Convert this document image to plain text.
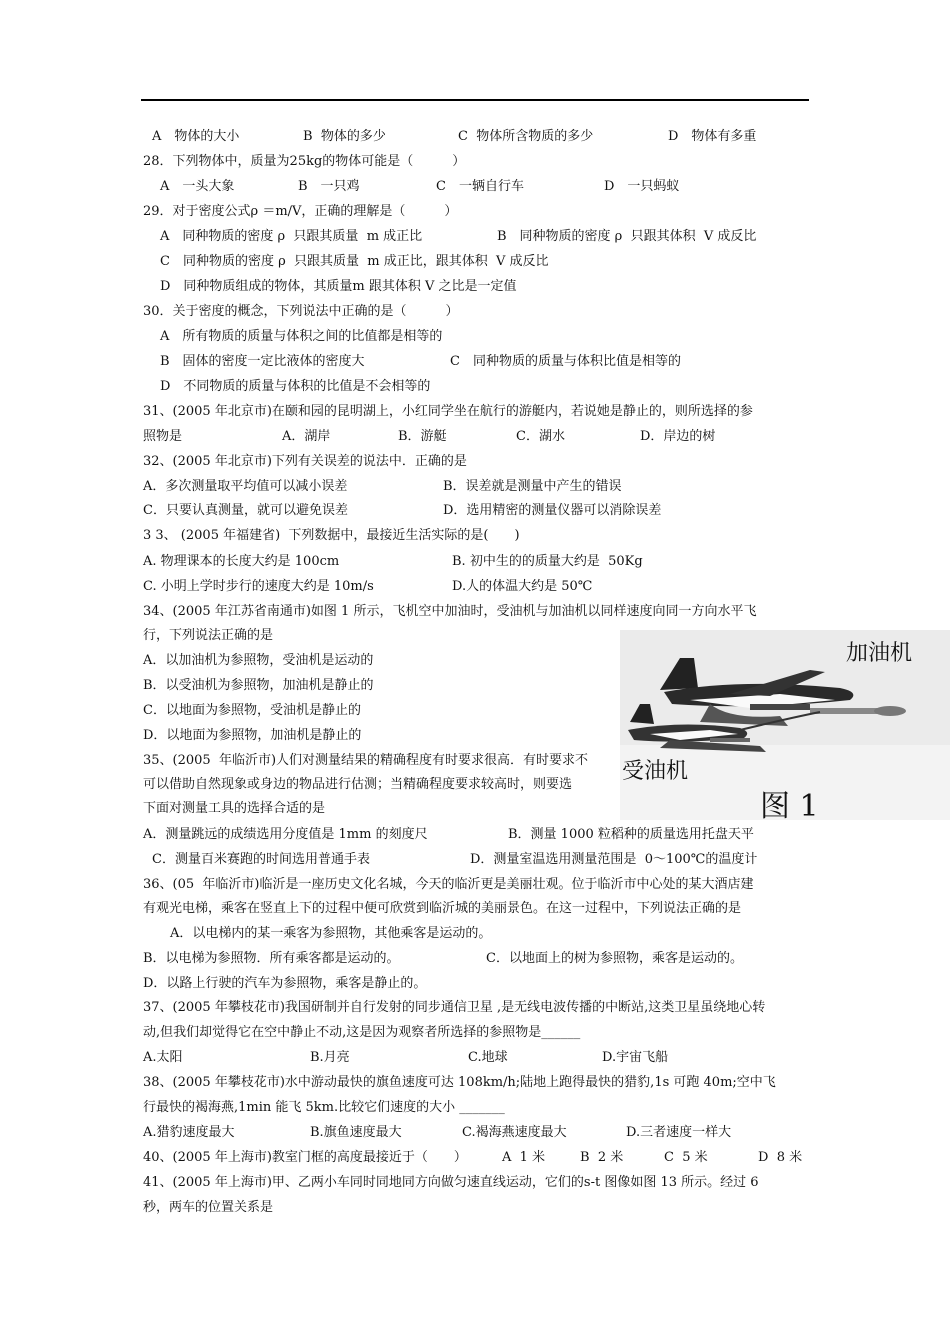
A　物体的大小	B  物体的多少	C  物体所含物质的多少	D　物体有多重
28．下列物体中，质量为25kg的物体可能是（　　　）
A　一头大象	B　一只鸡	C　一辆自行车	D　一只蚂蚁
29．对于密度公式ρ ＝m/V，正确的理解是（　　　）
A　同种物质的密度 ρ  只跟其质量  m 成正比	B　同种物质的密度 ρ  只跟其体积  V 成反比
C　同种物质的密度 ρ  只跟其质量  m 成正比，跟其体积  V 成反比
D　同种物质组成的物体，其质量m 跟其体积 V 之比是一定值
30．关于密度的概念，下列说法中正确的是（　　　）
A　所有物质的质量与体积之间的比值都是相等的
B　固体的密度一定比液体的密度大	C　同种物质的质量与体积比值是相等的
D　不同物质的质量与体积的比值是不会相等的
31、(2005 年北京市)在颐和园的昆明湖上，小红同学坐在航行的游艇内，若说她是静止的，则所选择的参
照物是	A．湖岸	B．游艇	C．湖水	D．岸边的树
32、(2005 年北京市)下列有关误差的说法中．正确的是
A．多次测量取平均值可以减小误差	B．误差就是测量中产生的错误
C．只要认真测量，就可以避免误差	D．选用精密的测量仪器可以消除误差
3 3、 (2005 年福建省)  下列数据中，最接近生活实际的是(　　)
A. 物理课本的长度大约是 100cm	B. 初中生的的质量大约是  50Kg
C. 小明上学时步行的速度大约是 10m/s	D.人的体温大约是 50℃
34、(2005 年江苏省南通市)如图 1 所示，飞机空中加油时，受油机与加油机以同样速度向同一方向水平飞
行，下列说法正确的是
A．以加油机为参照物，受油机是运动的
B．以受油机为参照物，加油机是静止的
C．以地面为参照物，受油机是静止的
D．以地面为参照物，加油机是静止的
加油机
受油机
图 1
35、(2005  年临沂市)人们对测量结果的精确程度有时要求很高．有时要求不
可以借助自然现象或身边的物品进行估测；当精确程度要求较高时，则要选
下面对测量工具的选择合适的是
A．测量跳远的成绩选用分度值是 1mm 的刻度尺	B．测量 1000 粒稻种的质量选用托盘天平
C．测量百米赛跑的时间选用普通手表	D．测量室温选用测量范围是  0～100℃的温度计
36、(05  年临沂市)临沂是一座历史文化名城，今天的临沂更是美丽壮观。位于临沂市中心处的某大酒店建
有观光电梯，乘客在竖直上下的过程中便可欣赏到临沂城的美丽景色。在这一过程中，下列说法正确的是
A．以电梯内的某一乘客为参照物，其他乘客是运动的。
B．以电梯为参照物．所有乘客都是运动的。	C．以地面上的树为参照物，乘客是运动的。
D．以路上行驶的汽车为参照物，乘客是静止的。
37、(2005 年攀枝花市)我国研制并自行发射的同步通信卫星 ,是无线电波传播的中断站,这类卫星虽绕地心转
动,但我们却觉得它在空中静止不动,这是因为观察者所选择的参照物是______
A.太阳	B.月亮	C.地球	D.宇宙飞船
38、(2005 年攀枝花市)水中游动最快的旗鱼速度可达 108km/h;陆地上跑得最快的猎豹,1s 可跑 40m;空中飞
行最快的褐海燕,1min 能飞 5km.比较它们速度的大小 _______
A.猎豹速度最大	B.旗鱼速度最大	C.褐海燕速度最大	D.三者速度一样大
40、(2005 年上海市)教室门框的高度最接近于（　　）	A  1 米	B  2 米	C  5 米	D  8 米
41、(2005 年上海市)甲、乙两小车同时同地同方向做匀速直线运动，它们的s-t 图像如图 13 所示。经过 6
秒，两车的位置关系是
